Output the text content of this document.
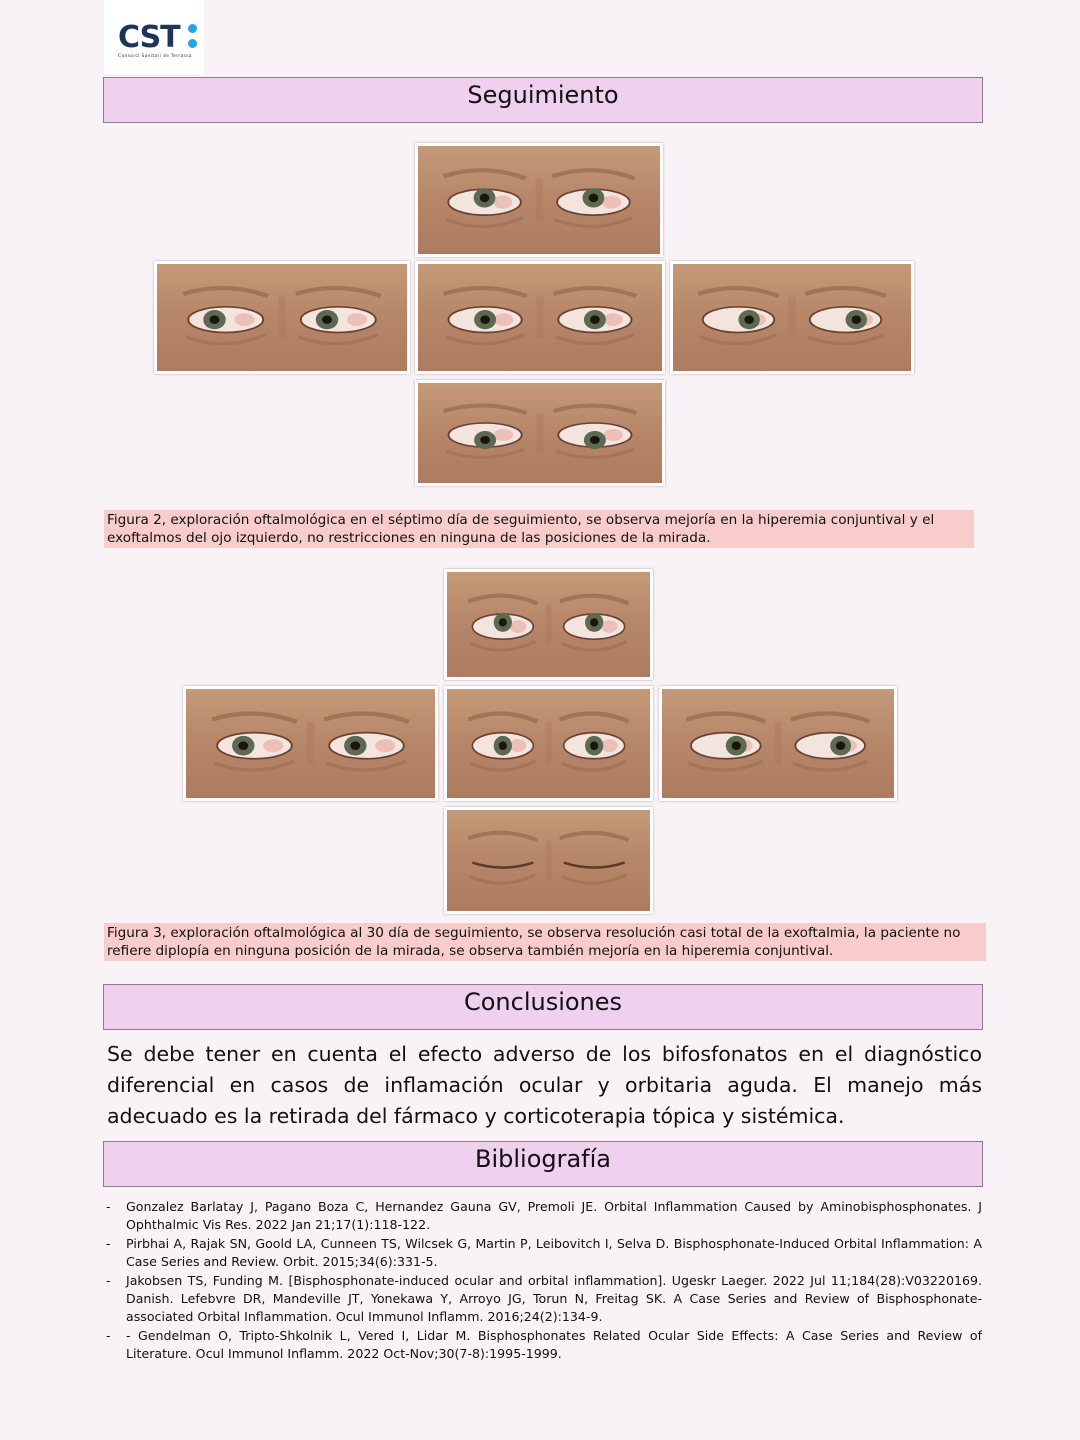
CST
Consorci Sanitari de Terrassa
Seguimiento
Figura 2, exploración oftalmológica en el séptimo día de seguimiento, se observa mejoría en la hiperemia conjuntival y el exoftalmos del ojo izquierdo, no restricciones en ninguna de las posiciones de la mirada.
Figura 3, exploración oftalmológica al 30 día de seguimiento, se observa resolución casi total de la exoftalmia, la paciente no refiere diplopía en ninguna posición de la mirada, se observa también mejoría en la hiperemia conjuntival.
Conclusiones
Se debe tener en cuenta el efecto adverso de los bifosfonatos en el diagnóstico diferencial en casos de inflamación ocular y orbitaria aguda. El manejo más adecuado es la retirada del fármaco y corticoterapia tópica y sistémica.
Bibliografía
- Gonzalez Barlatay J, Pagano Boza C, Hernandez Gauna GV, Premoli JE. Orbital Inflammation Caused by Aminobisphosphonates. J Ophthalmic Vis Res. 2022 Jan 21;17(1):118-122.
- Pirbhai A, Rajak SN, Goold LA, Cunneen TS, Wilcsek G, Martin P, Leibovitch I, Selva D. Bisphosphonate-Induced Orbital Inflammation: A Case Series and Review. Orbit. 2015;34(6):331-5.
- Jakobsen TS, Funding M. [Bisphosphonate-induced ocular and orbital inflammation]. Ugeskr Laeger. 2022 Jul 11;184(28):V03220169. Danish. Lefebvre DR, Mandeville JT, Yonekawa Y, Arroyo JG, Torun N, Freitag SK. A Case Series and Review of Bisphosphonate-associated Orbital Inflammation. Ocul Immunol Inflamm. 2016;24(2):134-9.
- - Gendelman O, Tripto-Shkolnik L, Vered I, Lidar M. Bisphosphonates Related Ocular Side Effects: A Case Series and Review of Literature. Ocul Immunol Inflamm. 2022 Oct-Nov;30(7-8):1995-1999.
